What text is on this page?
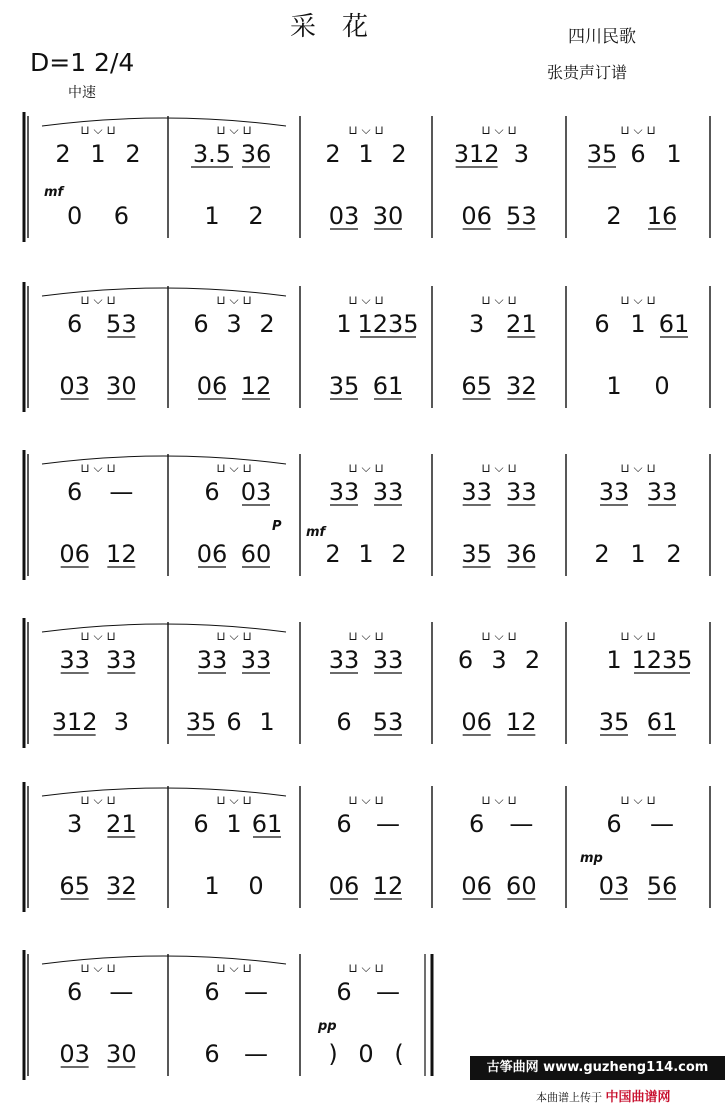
采花	四川民歌
张贵声订谱
D=1 2/4
中速
2 1 2
0 6
⊔ ⌵ ⊔
3.5 36
1 2
⊔ ⌵ ⊔
2 1 2
03 30
⊔ ⌵ ⊔
312 3
06 53
⊔ ⌵ ⊔
35 6 1
2 16
⊔ ⌵ ⊔
6 53
03 30
⊔ ⌵ ⊔
6 3 2
06 12
⊔ ⌵ ⊔
1 1235
35 61
⊔ ⌵ ⊔
3 21
65 32
⊔ ⌵ ⊔
6 1 61
1 0
⊔ ⌵ ⊔
6 —
06 12
⊔ ⌵ ⊔
6 03
06 60
⊔ ⌵ ⊔
33 33
2 1 2
⊔ ⌵ ⊔
33 33
35 36
⊔ ⌵ ⊔
33 33
2 1 2
⊔ ⌵ ⊔
33 33
312 3
⊔ ⌵ ⊔
33 33
35 6 1
⊔ ⌵ ⊔
33 33
6 53
⊔ ⌵ ⊔
6 3 2
06 12
⊔ ⌵ ⊔
1 1235
35 61
⊔ ⌵ ⊔
3 21
65 32
⊔ ⌵ ⊔
6 1 61
1 0
⊔ ⌵ ⊔
6 —
06 12
⊔ ⌵ ⊔
6 —
06 60
⊔ ⌵ ⊔
6 —
03 56
⊔ ⌵ ⊔
6 —
03 30
⊔ ⌵ ⊔
6 —
6 —
⊔ ⌵ ⊔
6 —
) 0 (
⊔ ⌵ ⊔
mf
mf
mp
pp
P
古筝曲网 www.guzheng114.com
本曲谱上传于 中国曲谱网
